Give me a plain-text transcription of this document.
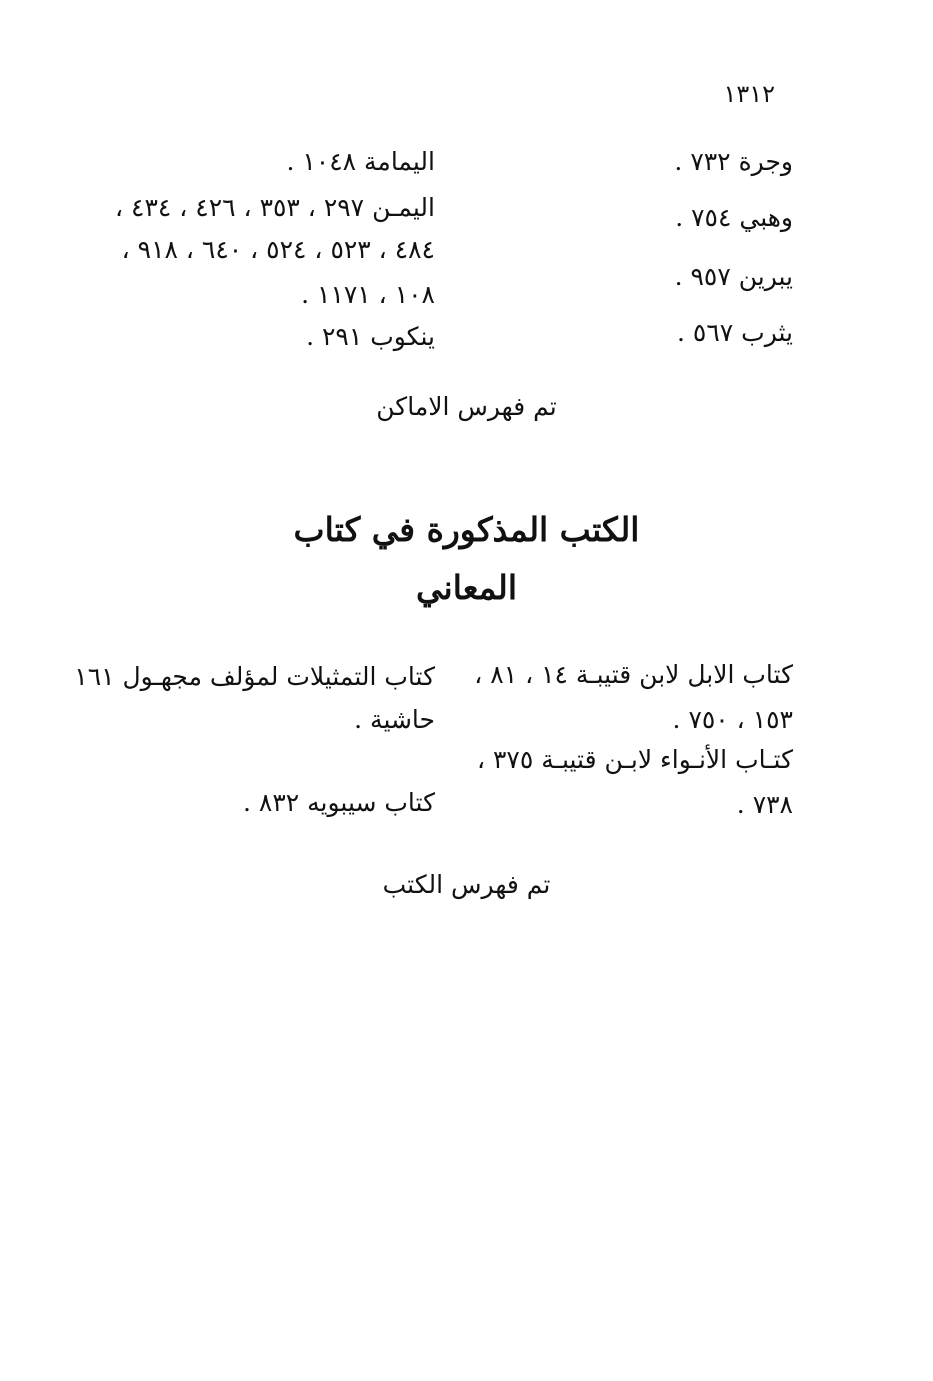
١٣١٢
وجرة ٧٣٢ .
وهبي ٧٥٤ .
يبرين ٩٥٧ .
يثرب ٥٦٧ .
اليمامة ١٠٤٨ .
اليمـن ٢٩٧ ، ٣٥٣ ، ٤٢٦ ، ٤٣٤ ،
٤٨٤ ، ٥٢٣ ، ٥٢٤ ، ٦٤٠ ، ٩١٨ ،
١٠٨ ، ١١٧١ .
ينكوب ٢٩١ .
تم فهرس الاماكن
الكتب المذكورة في كتاب
المعاني
كتاب الابل لابن قتيبـة ١٤ ، ٨١ ،
١٥٣ ، ٧٥٠ .
كتـاب الأنـواء لابـن قتيبـة ٣٧٥ ،
٧٣٨ .
كتاب التمثيلات لمؤلف مجهـول ١٦١
حاشية .
كتاب سيبويه ٨٣٢ .
تم فهرس الكتب
